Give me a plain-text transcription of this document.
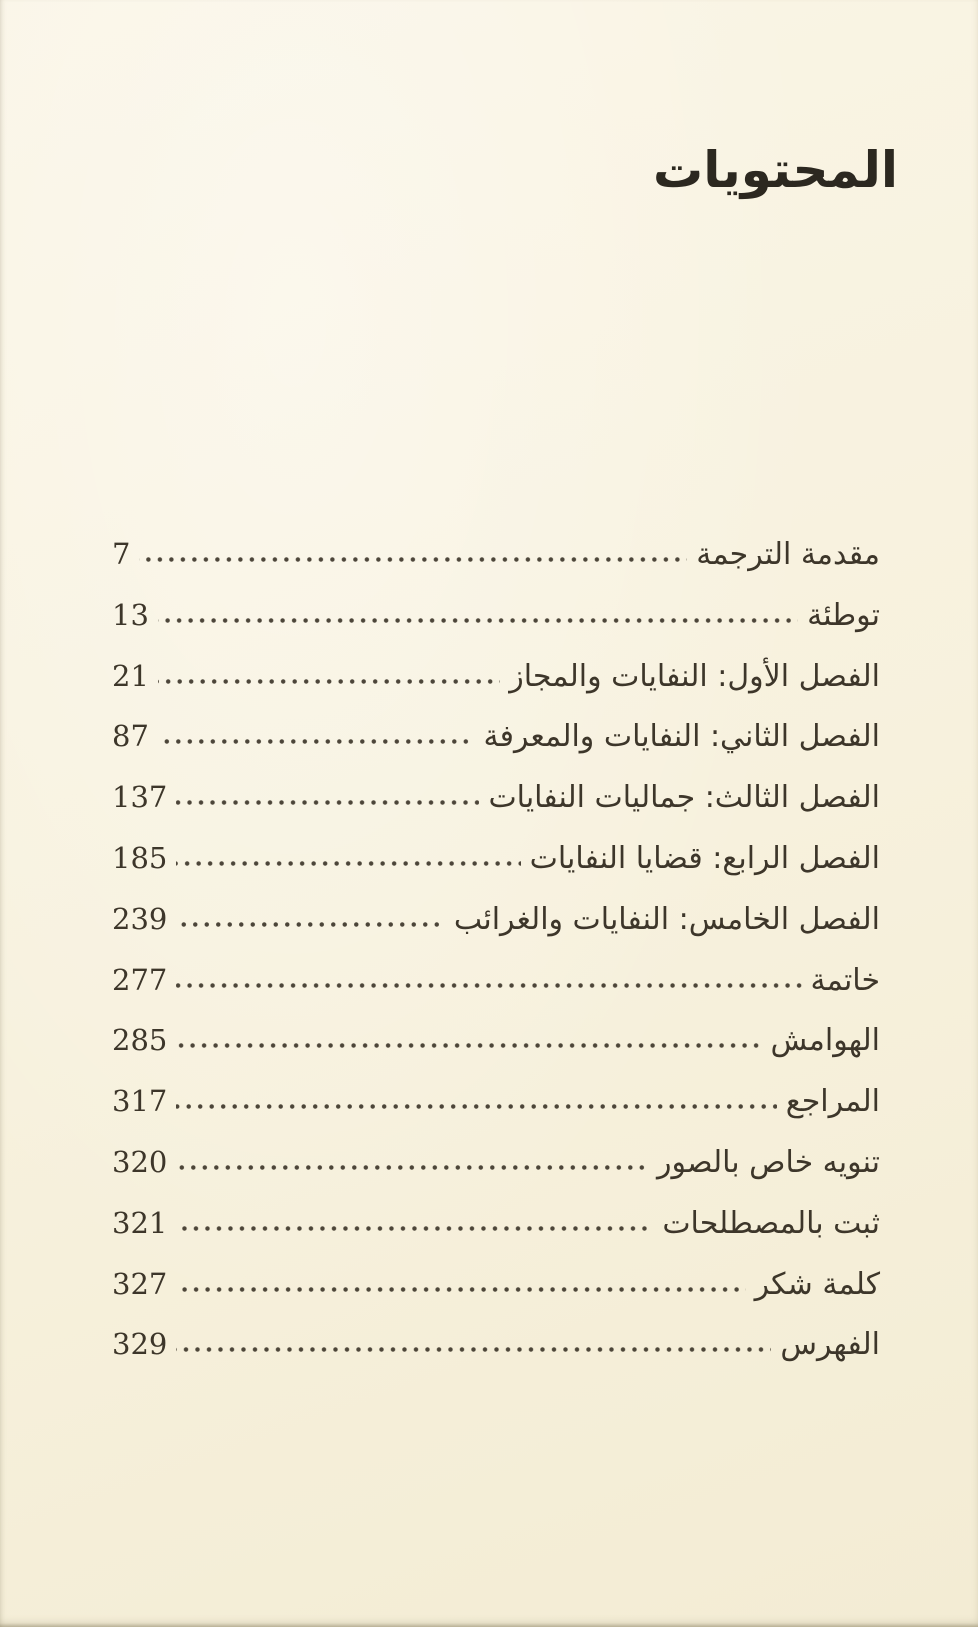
المحتويات
مقدمة الترجمة
7
توطئة
13
الفصل الأول: النفايات والمجاز
21
الفصل الثاني: النفايات والمعرفة
87
الفصل الثالث: جماليات النفايات
137
الفصل الرابع: قضايا النفايات
185
الفصل الخامس: النفايات والغرائب
239
خاتمة
277
الهوامش
285
المراجع
317
تنويه خاص بالصور
320
ثبت بالمصطلحات
321
كلمة شكر
327
الفهرس
329
